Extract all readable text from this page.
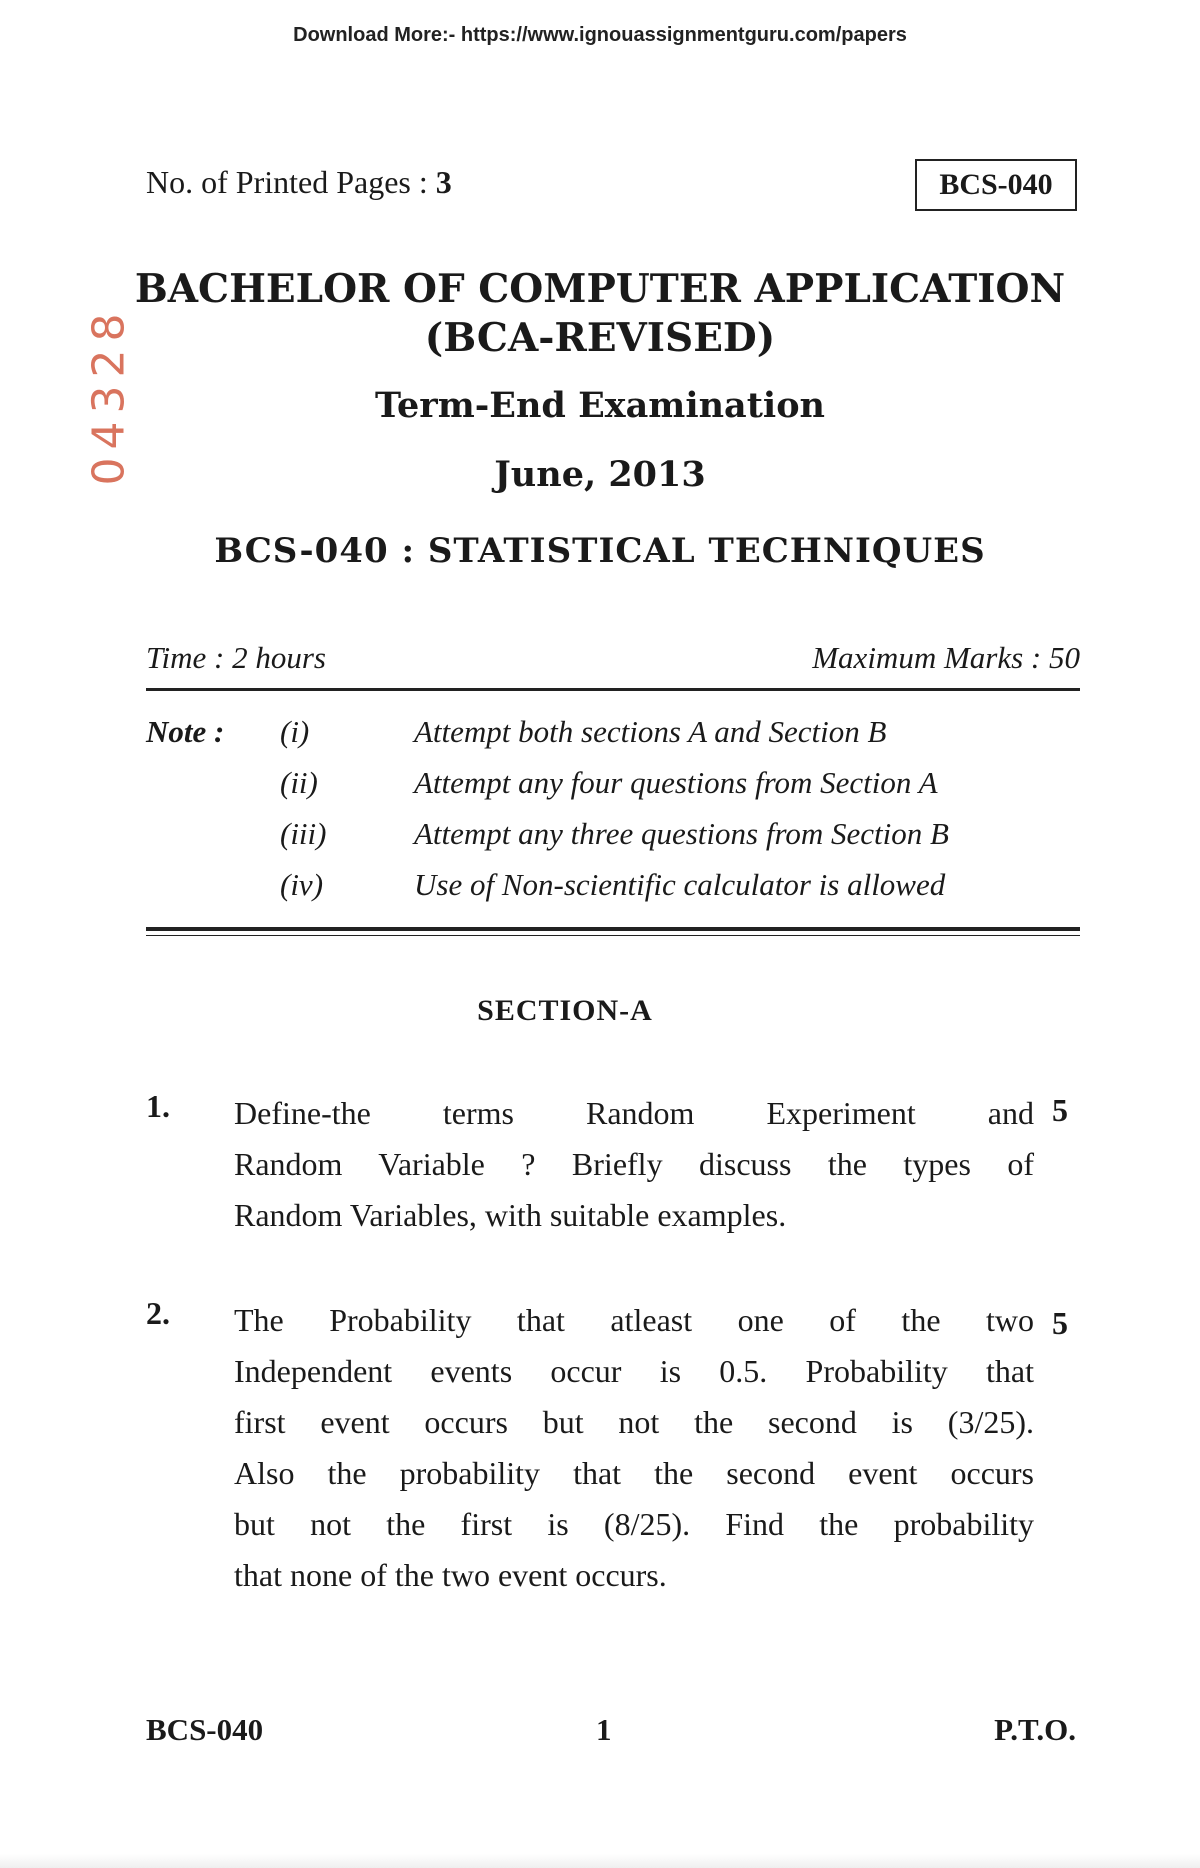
Download More:- https://www.ignouassignmentguru.com/papers
No. of Printed Pages : 3	BCS-040
04328
BACHELOR OF COMPUTER APPLICATION
(BCA-REVISED)
Term-End Examination
June, 2013
BCS-040 : STATISTICAL TECHNIQUES
Time : 2 hours	Maximum Marks : 50
Note :	(i)	Attempt both sections A and Section B
(ii)	Attempt any four questions from Section A
(iii)	Attempt any three questions from Section B
(iv)	Use of Non-scientific calculator is allowed
SECTION-A
1. Define-the terms Random Experiment and
Random Variable ? Briefly discuss the types of
Random Variables, with suitable examples.
5
2. The Probability that atleast one of the two
Independent events occur is 0.5. Probability that
first event occurs but not the second is (3/25).
Also the probability that the second event occurs
but not the first is (8/25). Find the probability
that none of the two event occurs.
5
BCS-040	1	P.T.O.
